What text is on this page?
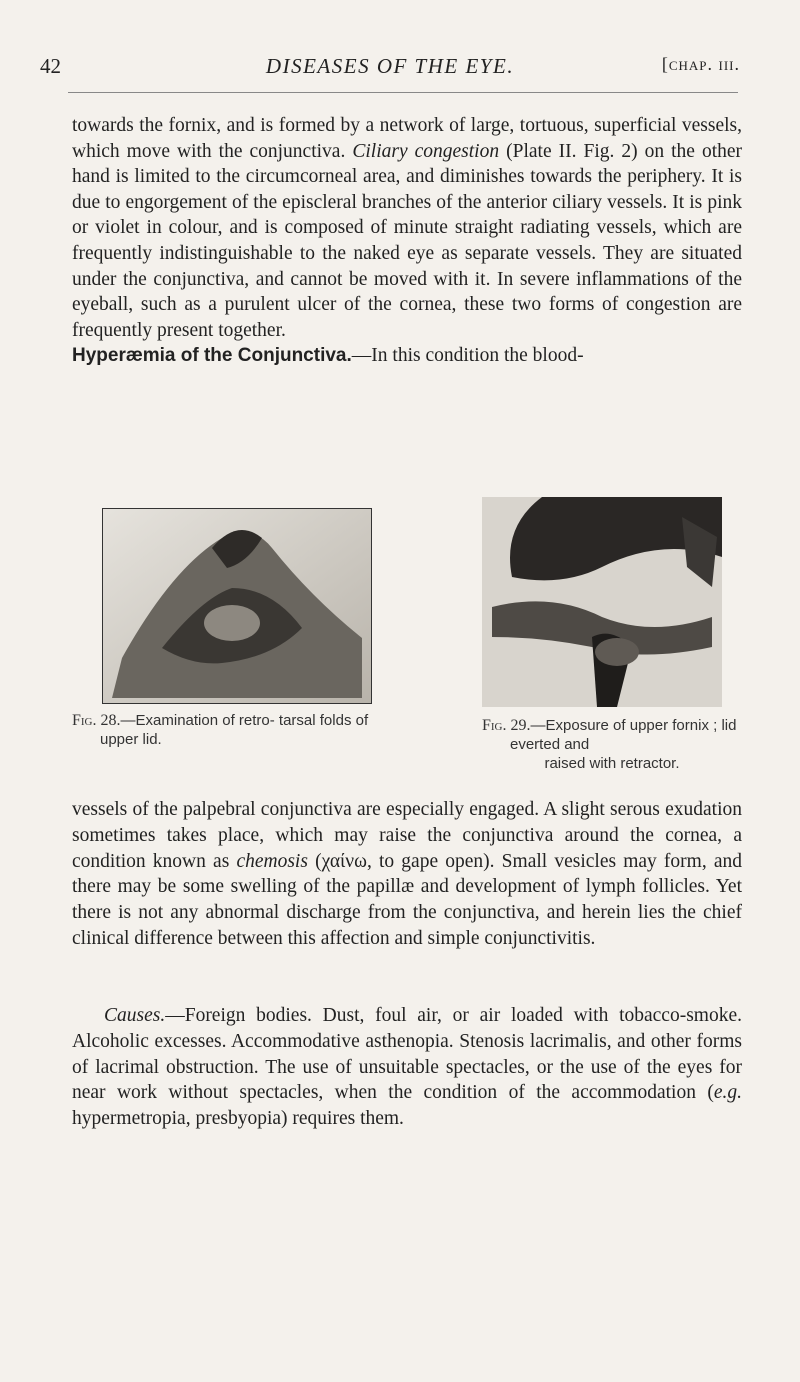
42	DISEASES OF THE EYE.	[chap. iii.

towards the fornix, and is formed by a network of large, tortuous, superficial vessels, which move with the conjunctiva. Ciliary congestion (Plate II. Fig. 2) on the other hand is limited to the circumcorneal area, and diminishes towards the periphery. It is due to engorgement of the episcleral branches of the anterior ciliary vessels. It is pink or violet in colour, and is composed of minute straight radiating vessels, which are frequently indistinguishable to the naked eye as separate vessels. They are situated under the conjunctiva, and cannot be moved with it. In severe inflammations of the eyeball, such as a purulent ulcer of the cornea, these two forms of congestion are frequently present together.
Hyperæmia of the Conjunctiva.—In this condition the blood-

Fig. 28.—Examination of retro- tarsal folds of upper lid.
Fig. 29.—Exposure of upper fornix ; lid everted and
raised with retractor.

vessels of the palpebral conjunctiva are especially engaged. A slight serous exudation sometimes takes place, which may raise the conjunctiva around the cornea, a condition known as chemosis (χαίνω, to gape open). Small vesicles may form, and there may be some swelling of the papillæ and development of lymph follicles. Yet there is not any abnormal discharge from the conjunctiva, and herein lies the chief clinical difference between this affection and simple conjunctivitis.

Causes.—Foreign bodies. Dust, foul air, or air loaded with tobacco-smoke. Alcoholic excesses. Accommodative asthenopia. Stenosis lacrimalis, and other forms of lacrimal obstruction. The use of unsuitable spectacles, or the use of the eyes for near work without spectacles, when the condition of the accommodation (e.g. hypermetropia, presbyopia) requires them.
